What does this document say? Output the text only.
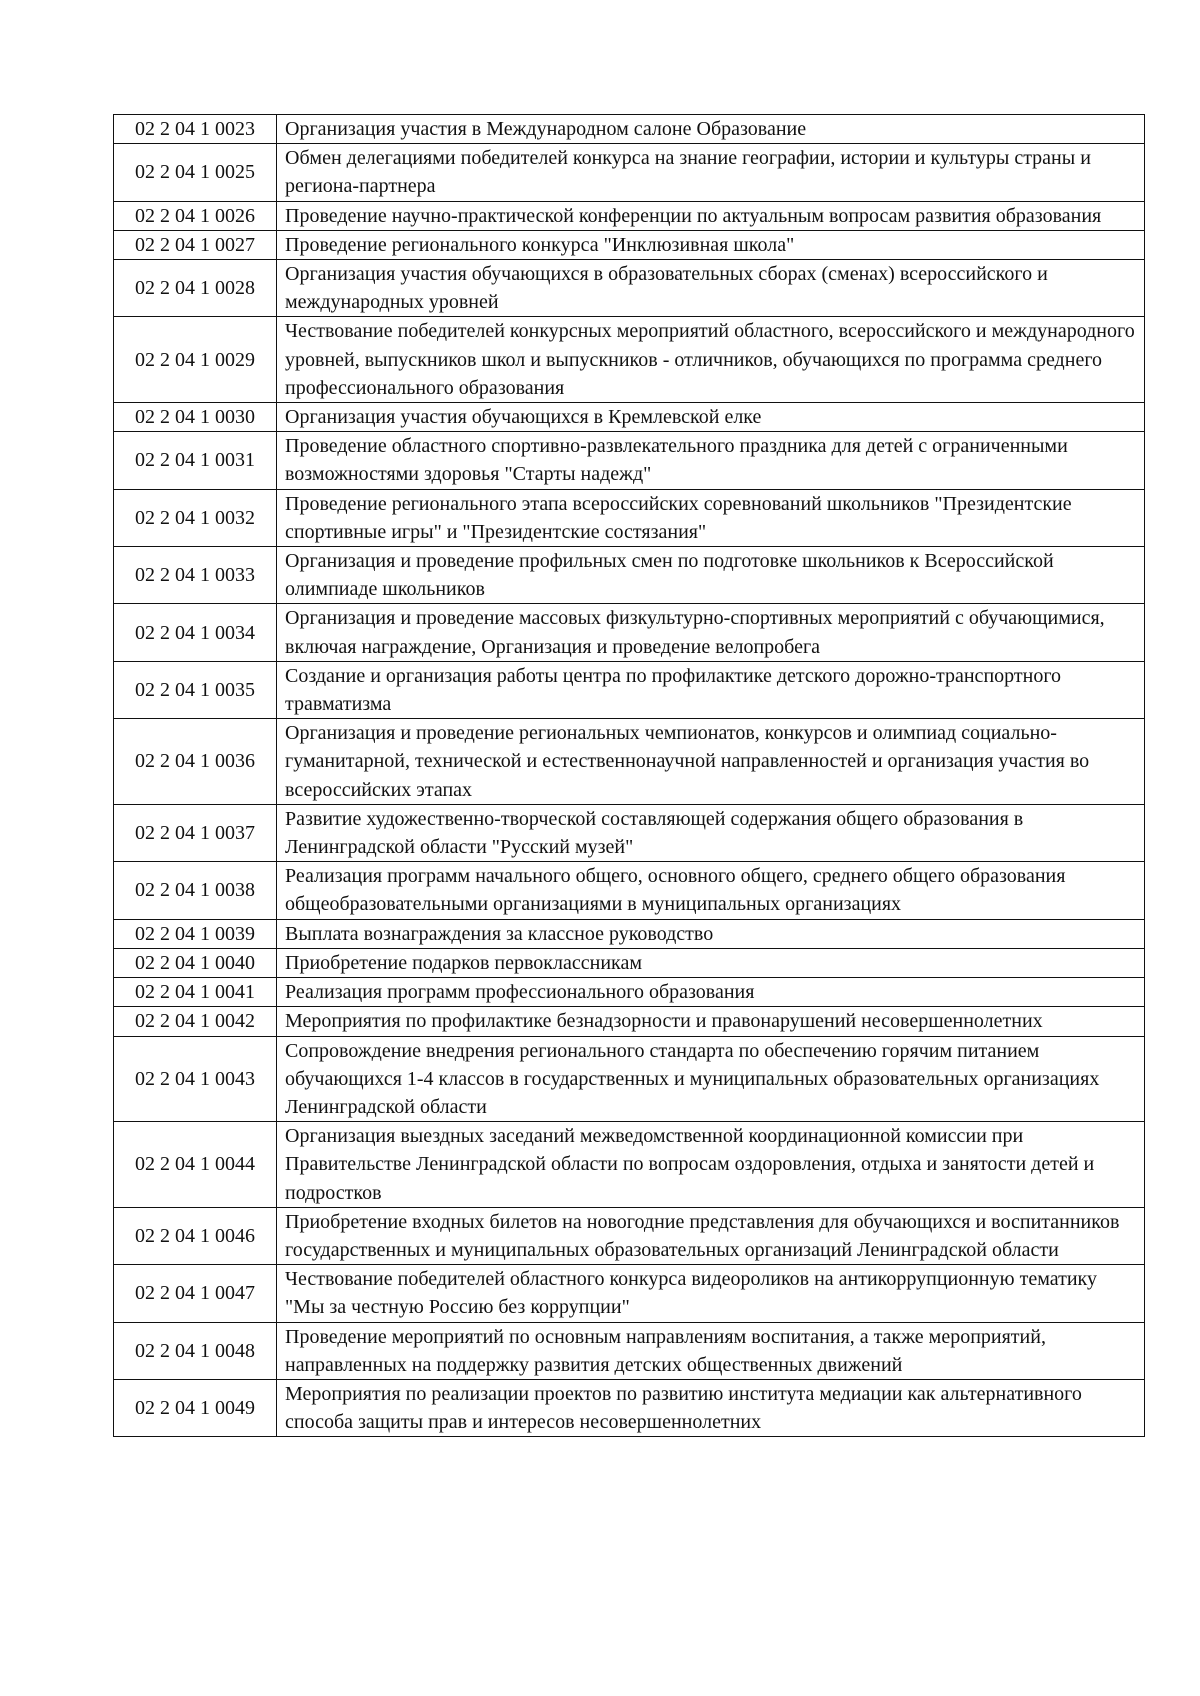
02 2 04 1 0023	Организация участия в Международном салоне Образование
02 2 04 1 0025	Обмен делегациями победителей конкурса на знание географии, истории и культуры страны и региона-партнера
02 2 04 1 0026	Проведение научно-практической конференции по актуальным вопросам развития образования
02 2 04 1 0027	Проведение регионального конкурса "Инклюзивная школа"
02 2 04 1 0028	Организация участия обучающихся в образовательных сборах (сменах) всероссийского и международных уровней
02 2 04 1 0029	Чествование победителей конкурсных мероприятий областного, всероссийского и международного уровней, выпускников школ и выпускников - отличников, обучающихся по программа среднего профессионального образования
02 2 04 1 0030	Организация участия обучающихся в Кремлевской елке
02 2 04 1 0031	Проведение областного спортивно-развлекательного праздника для детей с ограниченными возможностями здоровья "Старты надежд"
02 2 04 1 0032	Проведение регионального этапа всероссийских соревнований школьников "Президентские спортивные игры" и "Президентские состязания"
02 2 04 1 0033	Организация и проведение профильных смен по подготовке школьников к Всероссийской олимпиаде школьников
02 2 04 1 0034	Организация и проведение массовых физкультурно-спортивных мероприятий с обучающимися, включая награждение, Организация и проведение велопробега
02 2 04 1 0035	Создание и организация работы центра по профилактике детского дорожно-транспортного травматизма
02 2 04 1 0036	Организация и проведение региональных чемпионатов, конкурсов и олимпиад социально-гуманитарной, технической и естественнонаучной направленностей и организация участия во всероссийских этапах
02 2 04 1 0037	Развитие художественно-творческой составляющей содержания общего образования в Ленинградской области "Русский музей"
02 2 04 1 0038	Реализация программ начального общего, основного общего, среднего общего образования общеобразовательными организациями в муниципальных организациях
02 2 04 1 0039	Выплата вознаграждения за классное руководство
02 2 04 1 0040	Приобретение подарков первоклассникам
02 2 04 1 0041	Реализация программ профессионального образования
02 2 04 1 0042	Мероприятия по профилактике безнадзорности и правонарушений несовершеннолетних
02 2 04 1 0043	Сопровождение внедрения регионального стандарта по обеспечению горячим питанием обучающихся 1-4 классов в государственных и муниципальных образовательных организациях Ленинградской области
02 2 04 1 0044	Организация выездных заседаний межведомственной координационной комиссии при Правительстве Ленинградской области по вопросам оздоровления, отдыха и занятости детей и подростков
02 2 04 1 0046	Приобретение входных билетов на новогодние представления для обучающихся и воспитанников государственных и муниципальных образовательных организаций Ленинградской области
02 2 04 1 0047	Чествование победителей областного конкурса видеороликов на антикоррупционную тематику "Мы за честную Россию без коррупции"
02 2 04 1 0048	Проведение мероприятий по основным направлениям воспитания, а также мероприятий, направленных на поддержку развития детских общественных движений
02 2 04 1 0049	Мероприятия по реализации проектов по развитию института медиации как альтернативного способа защиты прав и интересов несовершеннолетних
